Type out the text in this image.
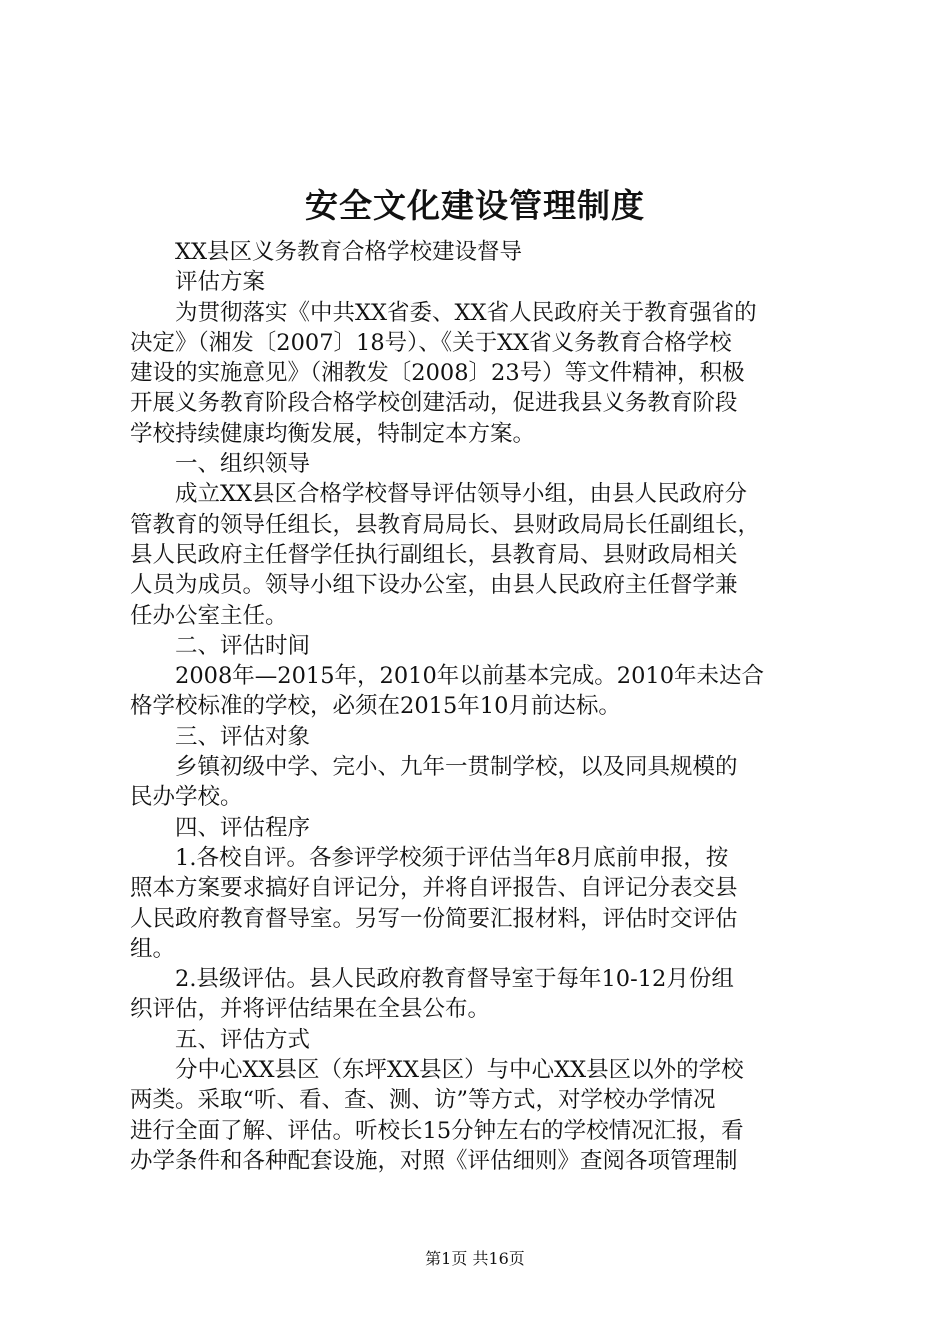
安全文化建设管理制度
XX县区义务教育合格学校建设督导
评估方案
为贯彻落实《中共XX省委、XX省人民政府关于教育强省的
决定》（湘发〔2007〕18号）、《关于XX省义务教育合格学校
建设的实施意见》（湘教发〔2008〕23号）等文件精神，积极
开展义务教育阶段合格学校创建活动，促进我县义务教育阶段
学校持续健康均衡发展，特制定本方案。
一、组织领导
成立XX县区合格学校督导评估领导小组，由县人民政府分
管教育的领导任组长，县教育局局长、县财政局局长任副组长，
县人民政府主任督学任执行副组长，县教育局、县财政局相关
人员为成员。领导小组下设办公室，由县人民政府主任督学兼
任办公室主任。
二、评估时间
2008年—2015年，2010年以前基本完成。2010年未达合
格学校标准的学校，必须在2015年10月前达标。
三、评估对象
乡镇初级中学、完小、九年一贯制学校，以及同具规模的
民办学校。
四、评估程序
1.各校自评。各参评学校须于评估当年8月底前申报，按
照本方案要求搞好自评记分，并将自评报告、自评记分表交县
人民政府教育督导室。另写一份简要汇报材料，评估时交评估
组。
2.县级评估。县人民政府教育督导室于每年10-12月份组
织评估，并将评估结果在全县公布。
五、评估方式
分中心XX县区（东坪XX县区）与中心XX县区以外的学校
两类。采取“听、看、查、测、访”等方式，对学校办学情况
进行全面了解、评估。听校长15分钟左右的学校情况汇报，看
办学条件和各种配套设施，对照《评估细则》查阅各项管理制
第1页 共16页
